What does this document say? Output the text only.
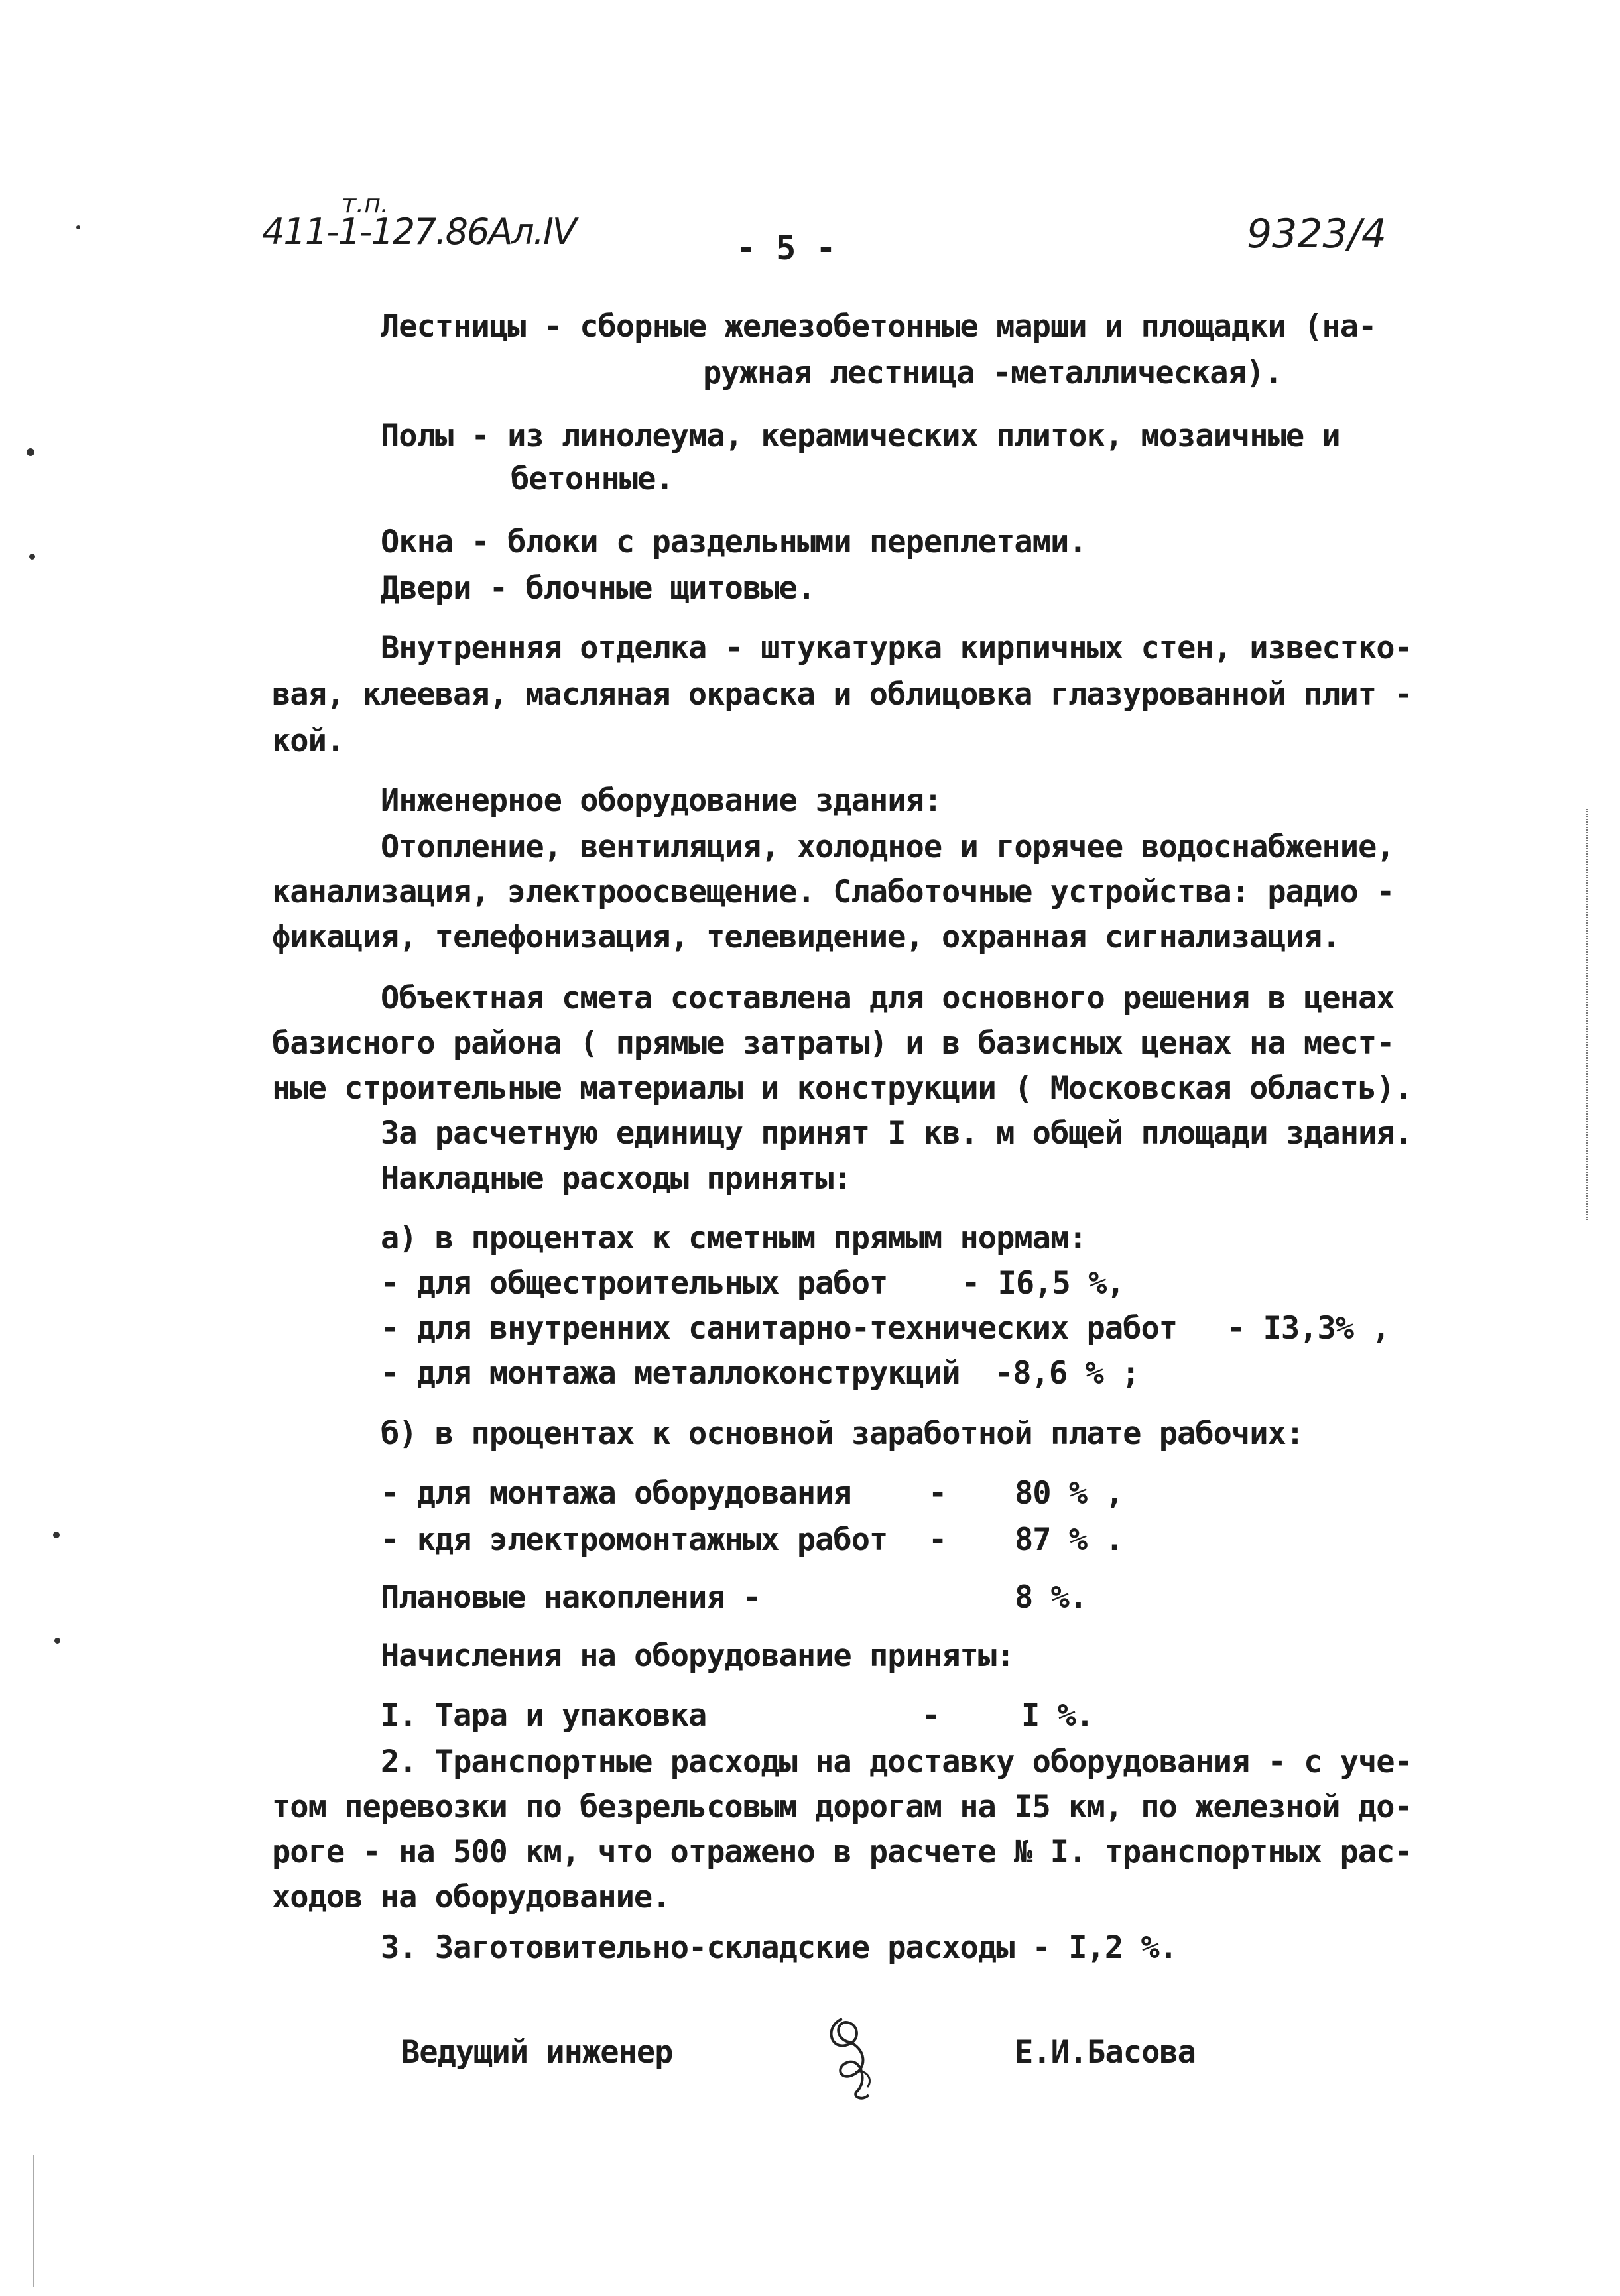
т.п.
411-1-127.86Ал.IV	- 5 -	9323/4
Лестницы - сборные железобетонные марши и площадки (на-
ружная лестница -металлическая).
Полы - из линолеума, керамических плиток, мозаичные и
бетонные.
Окна - блоки с раздельными переплетами.
Двери - блочные щитовые.
Внутренняя отделка - штукатурка кирпичных стен, известко-
вая, клеевая, масляная окраска и облицовка глазурованной плит -
кой.
Инженерное оборудование здания:
Отопление, вентиляция, холодное и горячее водоснабжение,
канализация, электроосвещение. Слаботочные устройства: радио -
фикация, телефонизация, телевидение, охранная сигнализация.
Объектная смета составлена для основного решения в ценах
базисного района ( прямые затраты) и в базисных ценах на мест-
ные строительные материалы и конструкции ( Московская область).
За расчетную единицу принят I кв. м общей площади здания.
Накладные расходы приняты:
а) в процентах к сметным прямым нормам:
- для общестроительных работ - I6,5 %,
- для внутренних санитарно-технических работ - I3,3% ,
- для монтажа металлоконструкций -8,6 % ;
б) в процентах к основной заработной плате рабочих:
- для монтажа оборудования - 80 % ,
- кдя электромонтажных работ - 87 % .
Плановые накопления -	8 %.
Начисления на оборудование приняты:
I. Тара и упаковка	-	I %.
2. Транспортные расходы на доставку оборудования - с уче-
том перевозки по безрельсовым дорогам на I5 км, по железной до-
роге - на 500 км, что отражено в расчете № I. транспортных рас-
ходов на оборудование.
3. Заготовительно-складские расходы - I,2 %.
Ведущий инженер	Е.И.Басова
